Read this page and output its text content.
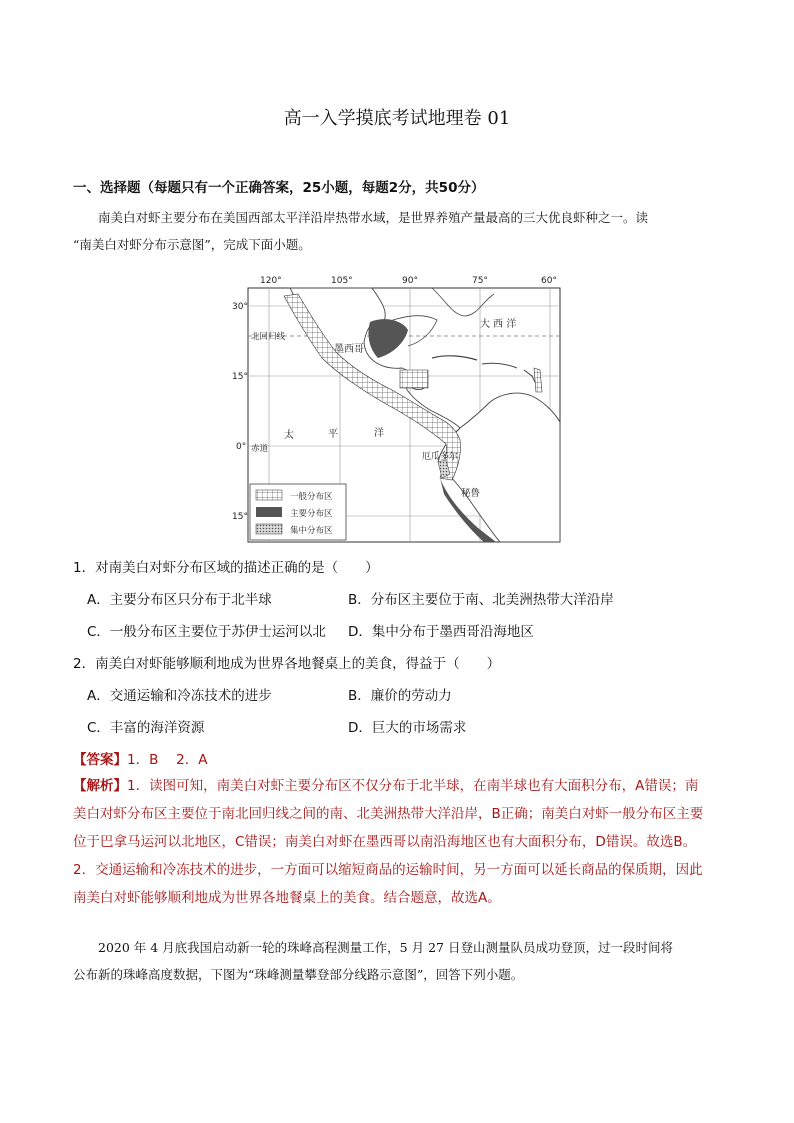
高一入学摸底考试地理卷 01
一、选择题（每题只有一个正确答案，25小题，每题2分，共50分）
南美白对虾主要分布在美国西部太平洋沿岸热带水域，是世界养殖产量最高的三大优良虾种之一。读
“南美白对虾分布示意图”，完成下面小题。
120°	105°	90°	75°	60°
30°
15°
0°
15°
北回归线
赤道
墨西哥
厄瓜多尔
秘鲁
大 西 洋
太	平	洋
一般分布区
主要分布区
集中分布区
1．对南美白对虾分布区域的描述正确的是（　　）
A．主要分布区只分布于北半球	B．分布区主要位于南、北美洲热带大洋沿岸
C．一般分布区主要位于苏伊士运河以北 D．集中分布于墨西哥沿海地区
2．南美白对虾能够顺利地成为世界各地餐桌上的美食，得益于（　　）
A．交通运输和冷冻技术的进步	B．廉价的劳动力
C．丰富的海洋资源	D．巨大的市场需求
【答案】1．B　 2．A
【解析】1．读图可知，南美白对虾主要分布区不仅分布于北半球，在南半球也有大面积分布，A错误；南
美白对虾分布区主要位于南北回归线之间的南、北美洲热带大洋沿岸，B正确；南美白对虾一般分布区主要
位于巴拿马运河以北地区，C错误；南美白对虾在墨西哥以南沿海地区也有大面积分布，D错误。故选B。
2．交通运输和冷冻技术的进步，一方面可以缩短商品的运输时间，另一方面可以延长商品的保质期，因此
南美白对虾能够顺利地成为世界各地餐桌上的美食。结合题意，故选A。
2020 年 4 月底我国启动新一轮的珠峰高程测量工作，5 月 27 日登山测量队员成功登顶，过一段时间将
公布新的珠峰高度数据，下图为“珠峰测量攀登部分线路示意图”，回答下列小题。
